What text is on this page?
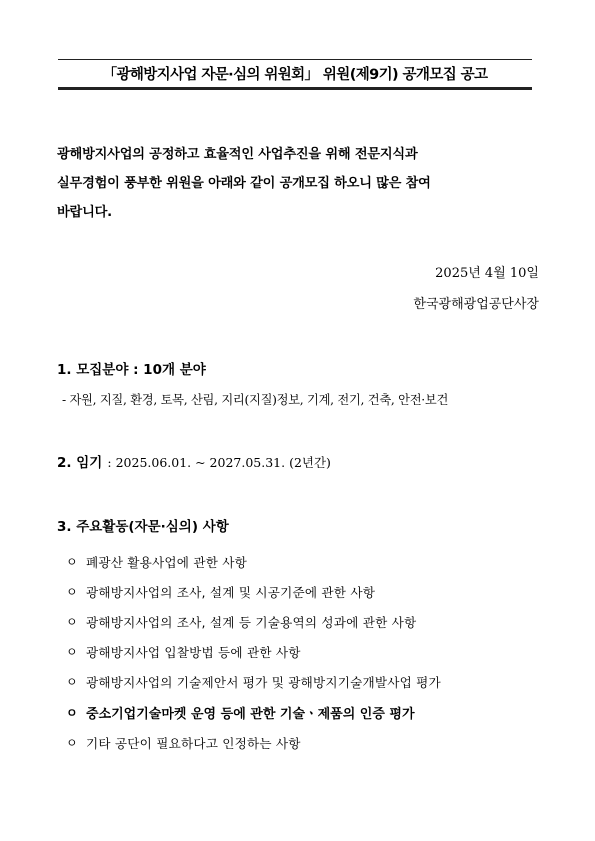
「광해방지사업 자문·심의 위원회」 위원(제9기) 공개모집 공고
광해방지사업의 공정하고 효율적인 사업추진을 위해 전문지식과
실무경험이 풍부한 위원을 아래와 같이 공개모집 하오니 많은 참여
바랍니다.
2025년 4월 10일
한국광해광업공단사장
1. 모집분야 : 10개 분야
- 자원, 지질, 환경, 토목, 산림, 지리(지질)정보, 기계, 전기, 건축, 안전·보건
2. 임기 : 2025.06.01. ~ 2027.05.31. (2년간)
3. 주요활동(자문·심의) 사항
ㅇ 폐광산 활용사업에 관한 사항
ㅇ 광해방지사업의 조사, 설계 및 시공기준에 관한 사항
ㅇ 광해방지사업의 조사, 설계 등 기술용역의 성과에 관한 사항
ㅇ 광해방지사업 입찰방법 등에 관한 사항
ㅇ 광해방지사업의 기술제안서 평가 및 광해방지기술개발사업 평가
ㅇ 중소기업기술마켓 운영 등에 관한 기술ㆍ제품의 인증 평가
ㅇ 기타 공단이 필요하다고 인정하는 사항
